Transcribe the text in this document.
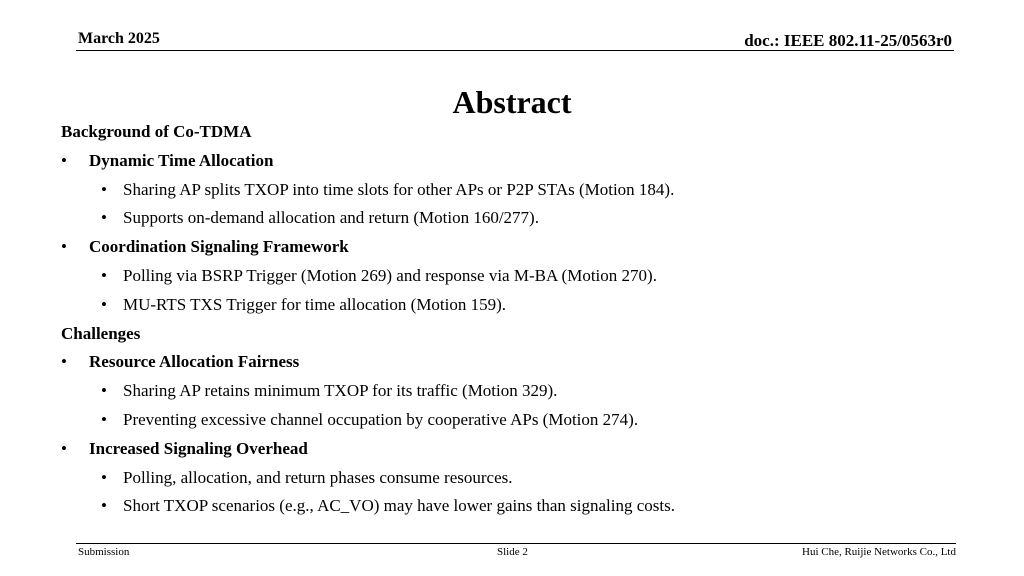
March 2025	doc.: IEEE 802.11-25/0563r0
Abstract
Background of Co-TDMA
• Dynamic Time Allocation
• Sharing AP splits TXOP into time slots for other APs or P2P STAs (Motion 184).
• Supports on-demand allocation and return (Motion 160/277).
• Coordination Signaling Framework
• Polling via BSRP Trigger (Motion 269) and response via M-BA (Motion 270).
• MU-RTS TXS Trigger for time allocation (Motion 159).
Challenges
• Resource Allocation Fairness
• Sharing AP retains minimum TXOP for its traffic (Motion 329).
• Preventing excessive channel occupation by cooperative APs (Motion 274).
• Increased Signaling Overhead
• Polling, allocation, and return phases consume resources.
• Short TXOP scenarios (e.g., AC_VO) may have lower gains than signaling costs.
Submission	Slide 2	Hui Che, Ruijie Networks Co., Ltd
